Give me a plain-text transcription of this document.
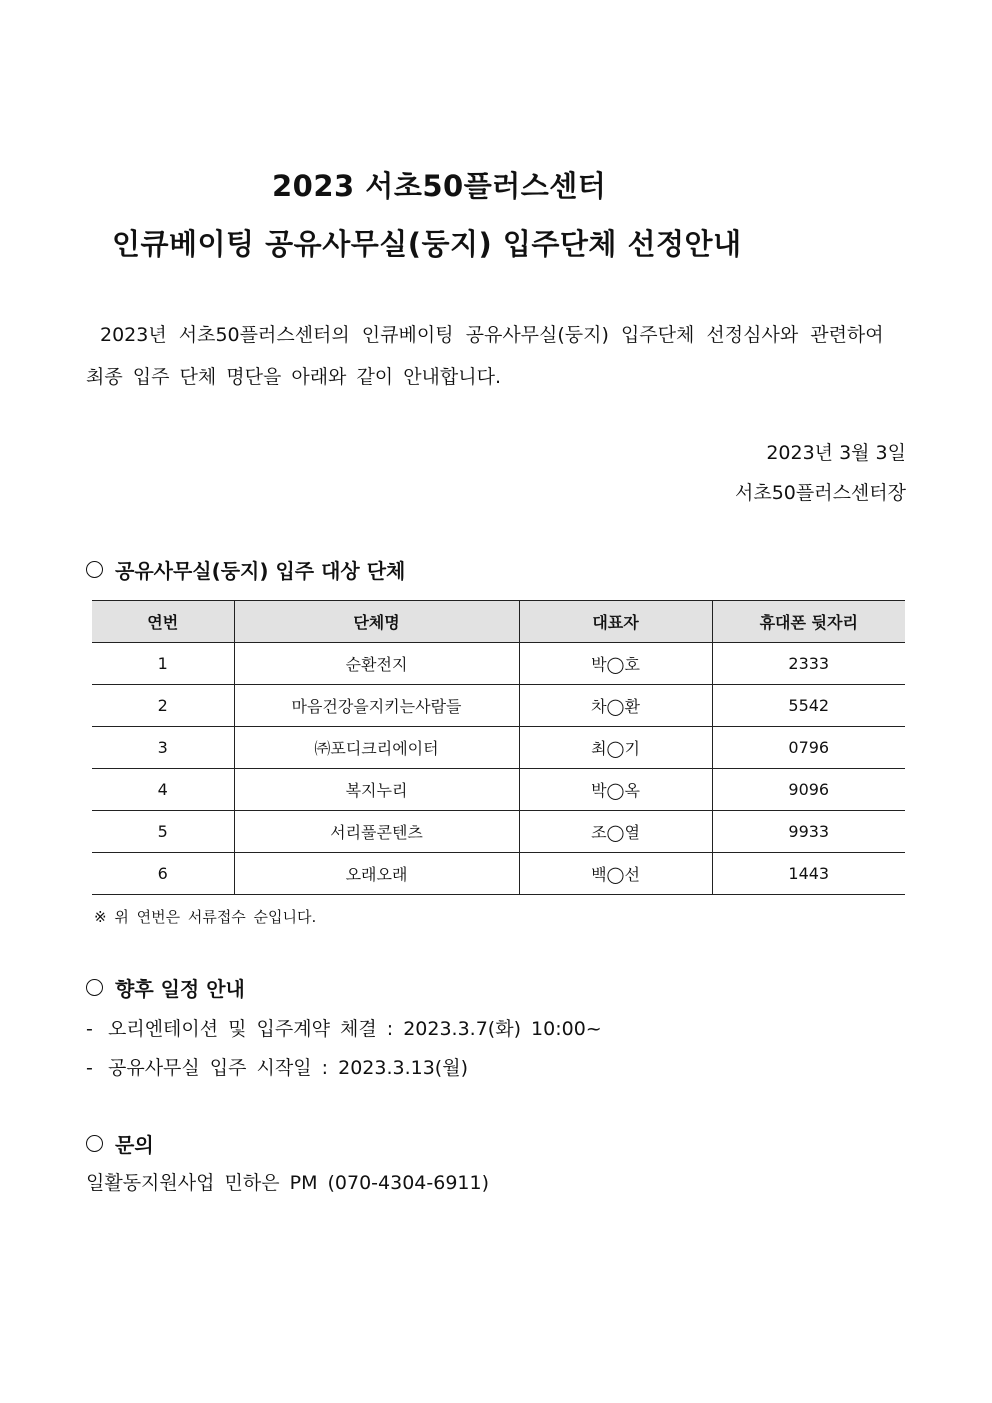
2023 서초50플러스센터
인큐베이팅 공유사무실(둥지) 입주단체 선정안내
2023년 서초50플러스센터의 인큐베이팅 공유사무실(둥지) 입주단체 선정심사와 관련하여
최종 입주 단체 명단을 아래와 같이 안내합니다.
2023년 3월 3일
서초50플러스센터장
공유사무실(둥지) 입주 대상 단체
연번	단체명	대표자	휴대폰 뒷자리
1	순환전지	박◯호	2333
2	마음건강을지키는사람들	차◯환	5542
3	㈜포디크리에이터	최◯기	0796
4	복지누리	박◯옥	9096
5	서리풀콘텐츠	조◯열	9933
6	오래오래	백◯선	1443
※ 위 연번은 서류접수 순입니다.
향후 일정 안내
- 오리엔테이션 및 입주계약 체결 : 2023.3.7(화) 10:00~
- 공유사무실 입주 시작일 : 2023.3.13(월)
문의
일활동지원사업 민하은 PM (070-4304-6911)
